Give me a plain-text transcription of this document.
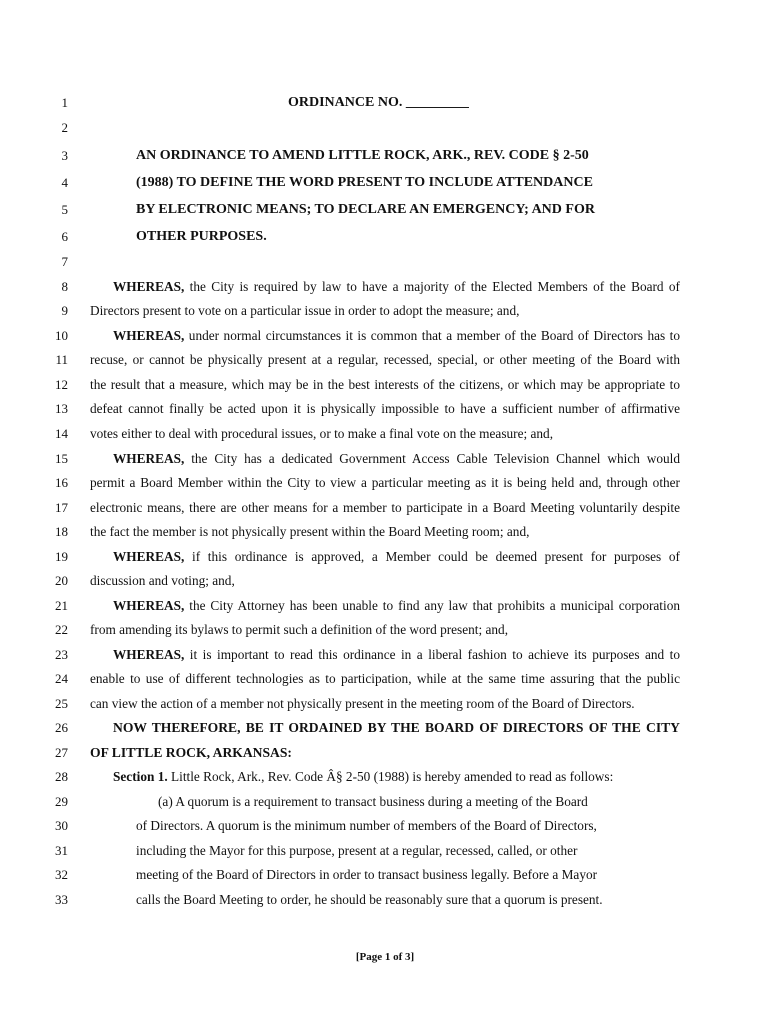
1
2
3
4
5
6
7
8
9
10
11
12
13
14
15
16
17
18
19
20
21
22
23
24
25
26
27
28
29
30
31
32
33
ORDINANCE NO. _________
AN ORDINANCE TO AMEND LITTLE ROCK, ARK., REV. CODE § 2-50
(1988) TO DEFINE THE WORD PRESENT TO INCLUDE ATTENDANCE
BY ELECTRONIC MEANS; TO DECLARE AN EMERGENCY; AND FOR
OTHER PURPOSES.
WHEREAS, the City is required by law to have a majority of the Elected Members of the Board of
Directors present to vote on a particular issue in order to adopt the measure; and,
WHEREAS, under normal circumstances it is common that a member of the Board of Directors has to
recuse, or cannot be physically present at a regular, recessed, special, or other meeting of the Board with
the result that a measure, which may be in the best interests of the citizens, or which may be appropriate to
defeat cannot finally be acted upon it is physically impossible to have a sufficient number of affirmative
votes either to deal with procedural issues, or to make a final vote on the measure; and,
WHEREAS, the City has a dedicated Government Access Cable Television Channel which would
permit a Board Member within the City to view a particular meeting as it is being held and, through other
electronic means, there are other means for a member to participate in a Board Meeting voluntarily despite
the fact the member is not physically present within the Board Meeting room; and,
WHEREAS, if this ordinance is approved, a Member could be deemed present for purposes of
discussion and voting; and,
WHEREAS, the City Attorney has been unable to find any law that prohibits a municipal corporation
from amending its bylaws to permit such a definition of the word present; and,
WHEREAS, it is important to read this ordinance in a liberal fashion to achieve its purposes and to
enable to use of different technologies as to participation, while at the same time assuring that the public
can view the action of a member not physically present in the meeting room of the Board of Directors.
NOW THEREFORE, BE IT ORDAINED BY THE BOARD OF DIRECTORS OF THE CITY
OF LITTLE ROCK, ARKANSAS:
Section 1. Little Rock, Ark., Rev. Code Â§ 2-50 (1988) is hereby amended to read as follows:
(a) A quorum is a requirement to transact business during a meeting of the Board
of Directors. A quorum is the minimum number of members of the Board of Directors,
including the Mayor for this purpose, present at a regular, recessed, called, or other
meeting of the Board of Directors in order to transact business legally. Before a Mayor
calls the Board Meeting to order, he should be reasonably sure that a quorum is present.
[Page 1 of 3]
